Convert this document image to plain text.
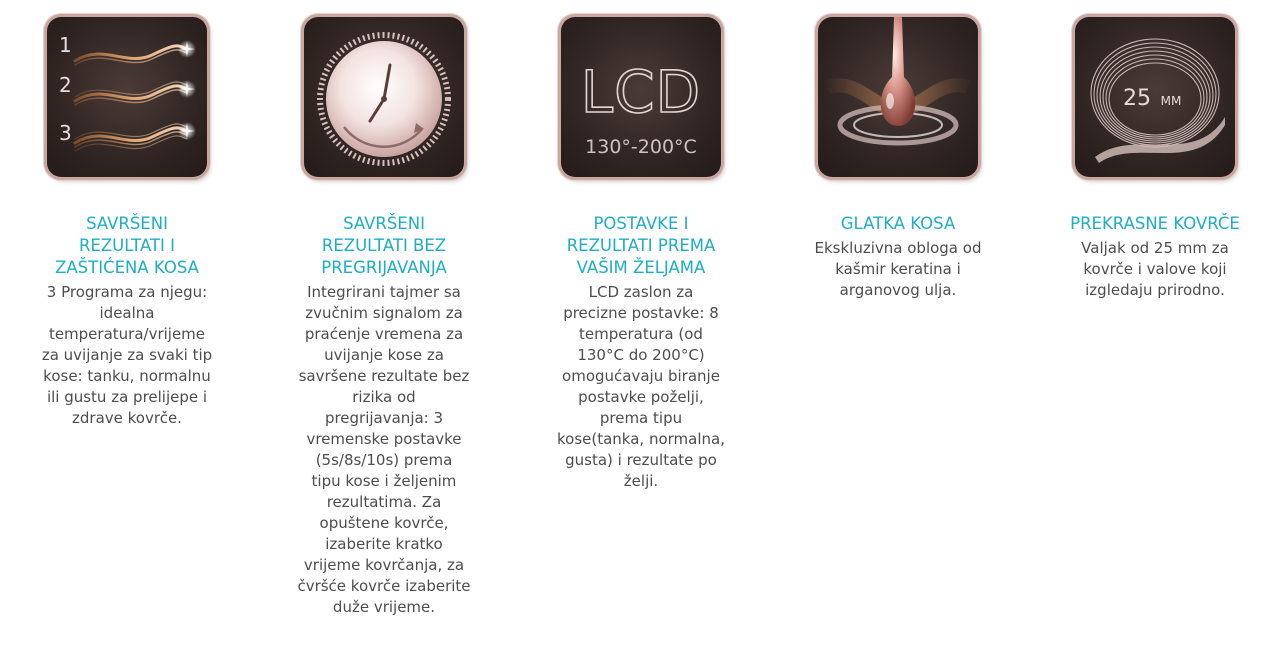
1
2
3
SAVRŠENI
REZULTATI I
ZAŠTIĆENA KOSA
3 Programa za njegu:
idealna
temperatura/vrijeme
za uvijanje za svaki tip
kose: tanku, normalnu
ili gustu za prelijepe i
zdrave kovrče.
SAVRŠENI
REZULTATI BEZ
PREGRIJAVANJA
Integrirani tajmer sa
zvučnim signalom za
praćenje vremena za
uvijanje kose za
savršene rezultate bez
rizika od
pregrijavanja: 3
vremenske postavke
(5s/8s/10s) prema
tipu kose i željenim
rezultatima. Za
opuštene kovrče,
izaberite kratko
vrijeme kovrčanja, za
čvršće kovrče izaberite
duže vrijeme.
LCD
130°-200°C
POSTAVKE I
REZULTATI PREMA
VAŠIM ŽELJAMA
LCD zaslon za
precizne postavke: 8
temperatura (od
130°C do 200°C)
omogućavaju biranje
postavke poželji,
prema tipu
kose(tanka, normalna,
gusta) i rezultate po
želji.
GLATKA KOSA
Ekskluzivna obloga od
kašmir keratina i
arganovog ulja.
25 MM
PREKRASNE KOVRČE
Valjak od 25 mm za
kovrče i valove koji
izgledaju prirodno.
